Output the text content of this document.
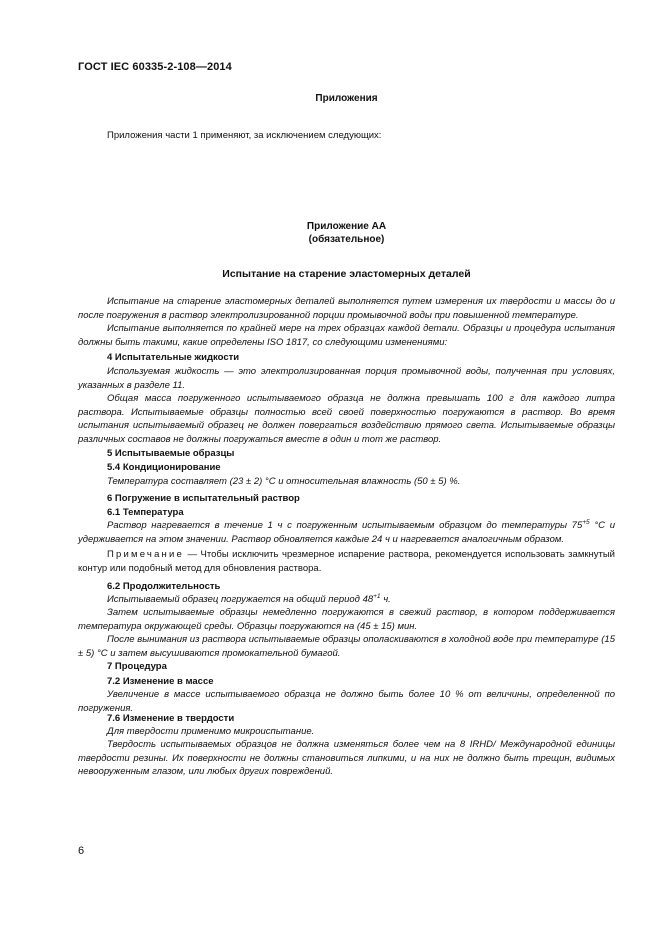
ГОСТ IEC 60335-2-108—2014
Приложения
Приложения части 1 применяют, за исключением следующих:
Приложение АА
(обязательное)
Испытание на старение эластомерных деталей
Испытание на старение эластомерных деталей выполняется путем измерения их твердости и массы до и после погружения в раствор электролизированной порции промывочной воды при повышенной температуре.
Испытание выполняется по крайней мере на трех образцах каждой детали. Образцы и процедура испытания должны быть такими, какие определены ISO 1817, со следующими изменениями:
4 Испытательные жидкости
Используемая жидкость — это электролизированная порция промывочной воды, полученная при условиях, указанных в разделе 11.
Общая масса погруженного испытываемого образца не должна превышать 100 г для каждого литра раствора. Испытываемые образцы полностью всей своей поверхностью погружаются в раствор. Во время испытания испытываемый образец не должен повергаться воздействию прямого света. Испытываемые образцы различных составов не должны погружаться вместе в один и тот же раствор.
5 Испытываемые образцы
5.4 Кондиционирование
Температура составляет (23 ± 2) °С и относительная влажность (50 ± 5) %.
6 Погружение в испытательный раствор
6.1 Температура
Раствор нагревается в течение 1 ч с погруженным испытываемым образцом до температуры $75^{+5}$ °С и удерживается на этом значении. Раствор обновляется каждые 24 ч и нагревается аналогичным образом.
Примечание — Чтобы исключить чрезмерное испарение раствора, рекомендуется использовать замкнутый контур или подобный метод для обновления раствора.
6.2 Продолжительность
Испытываемый образец погружается на общий период $48^{+1}$ ч.
Затем испытываемые образцы немедленно погружаются в свежий раствор, в котором поддерживается температура окружающей среды. Образцы погружаются на (45 ± 15) мин.
После вынимания из раствора испытываемые образцы ополаскиваются в холодной воде при температуре (15 ± 5) °С и затем высушиваются промокательной бумагой.
7 Процедура
7.2 Изменение в массе
Увеличение в массе испытываемого образца не должно быть более 10 % от величины, определенной по погружения.
7.6 Изменение в твердости
Для твердости применимо микроиспытание.
Твердость испытываемых образцов не должна изменяться более чем на 8 IRHD/ Международной единицы твердости резины. Их поверхности не должны становиться липкими, и на них не должно быть трещин, видимых невооруженным глазом, или любых других повреждений.
6
